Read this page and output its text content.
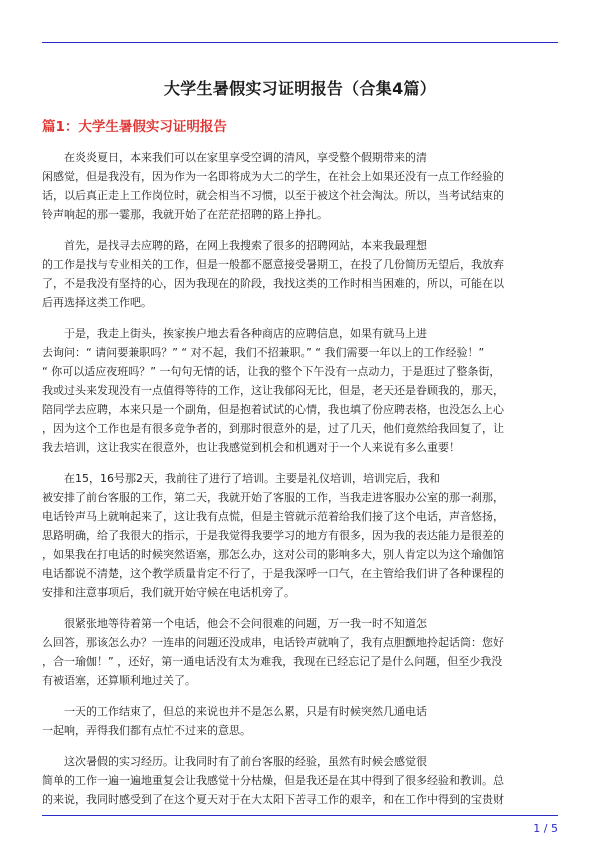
大学生暑假实习证明报告（合集4篇）
篇1：大学生暑假实习证明报告

在炎炎夏日，本来我们可以在家里享受空调的清风，享受整个假期带来的清
闲感觉，但是我没有，因为作为一名即将成为大二的学生，在社会上如果还没有一点工作经验的
话，以后真正走上工作岗位时，就会相当不习惯，以至于被这个社会淘汰。所以，当考试结束的
铃声响起的那一霎那，我就开始了在茫茫招聘的路上挣扎。

首先，是找寻去应聘的路，在网上我搜索了很多的招聘网站，本来我最理想
的工作是找与专业相关的工作，但是一般都不愿意接受暑期工，在投了几份简历无望后，我放弃
了，不是我没有坚持的心，因为我现在的阶段，我找这类的工作时相当困难的，所以，可能在以
后再选择这类工作吧。

于是，我走上街头，挨家挨户地去看各种商店的应聘信息，如果有就马上进
去询问：“ 请问要兼职吗？” “ 对不起，我们不招兼职。” “ 我们需要一年以上的工作经验！”
“ 你可以适应夜班吗？” 一句句无情的话，让我的整个下午没有一点动力，于是逛过了整条街，
我或过头来发现没有一点值得等待的工作，这让我郁闷无比，但是，老天还是眷顾我的，那天，
陪同学去应聘，本来只是一个副角，但是抱着试试的心情，我也填了份应聘表格，也没怎么上心
，因为这个工作也是有很多竞争者的，到那时很意外的是，过了几天，他们竟然给我回复了，让
我去培训，这让我实在很意外，也让我感觉到机会和机遇对于一个人来说有多么重要！

在15，16号那2天，我前往了进行了培训。主要是礼仪培训，培训完后，我和
被安排了前台客服的工作，第二天，我就开始了客服的工作，当我走进客服办公室的那一刹那，
电话铃声马上就响起来了，这让我有点慌，但是主管就示范着给我们接了这个电话，声音悠扬，
思路明确，给了我很大的指示，于是我觉得我要学习的地方有很多，因为我的表达能力是很差的
，如果我在打电话的时候突然语塞，那怎么办，这对公司的影响多大，别人肯定以为这个瑜伽馆
电话都说不清楚，这个教学质量肯定不行了，于是我深呼一口气，在主管给我们讲了各种课程的
安排和注意事项后，我们就开始守候在电话机旁了。

很紧张地等待着第一个电话，他会不会问很难的问题，万一我一时不知道怎
么回答，那该怎么办？一连串的问题还没成串，电话铃声就响了，我有点胆颤地拎起话筒：您好
，合一瑜伽！” ，还好，第一通电话没有太为难我，我现在已经忘记了是什么问题，但至少我没
有被语塞，还算顺利地过关了。

一天的工作结束了，但总的来说也并不是怎么累，只是有时候突然几通电话
一起响，弄得我们都有点忙不过来的意思。

这次暑假的实习经历。让我同时有了前台客服的经验，虽然有时候会感觉很
简单的工作一遍一遍地重复会让我感觉十分枯燥，但是我还是在其中得到了很多经验和教训。总
的来说，我同时感受到了在这个夏天对于在大太阳下苦寻工作的艰辛，和在工作中得到的宝贵财

1 / 5
